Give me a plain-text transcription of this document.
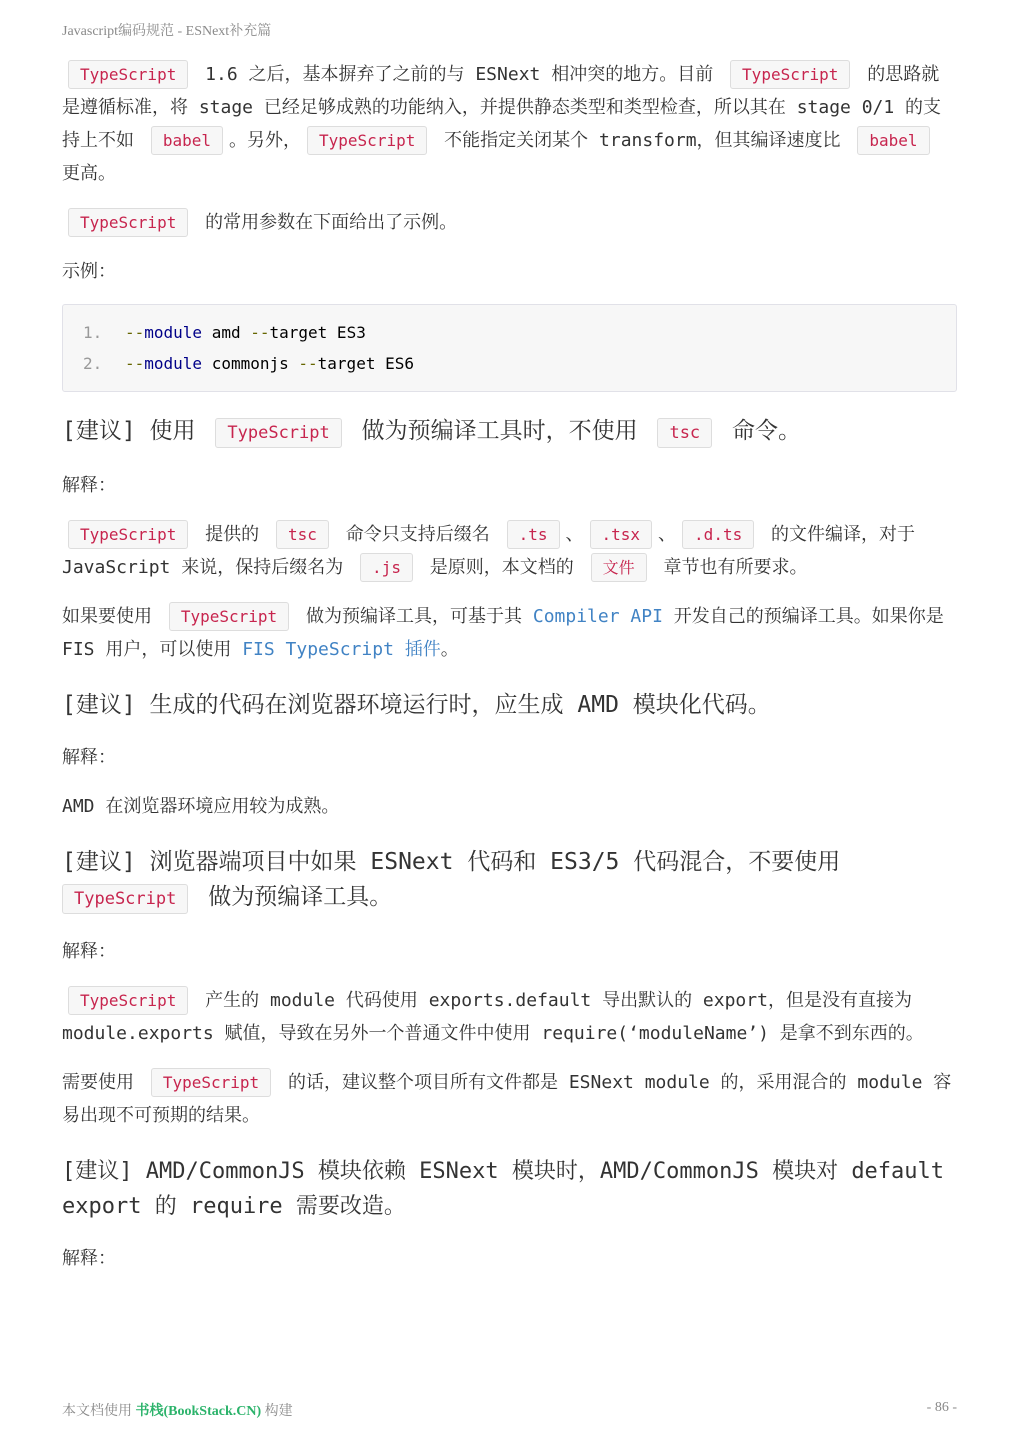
Javascript编码规范 - ESNext补充篇

TypeScript 1.6 之后，基本摒弃了之前的与 ESNext 相冲突的地方。目前 TypeScript 的思路就是遵循标准，将 stage 已经足够成熟的功能纳入，并提供静态类型和类型检查，所以其在 stage 0/1 的支持上不如 babel 。另外， TypeScript 不能指定关闭某个 transform，但其编译速度比 babel 更高。

TypeScript 的常用参数在下面给出了示例。

示例：

1.	--module amd --target ES3
2.	--module commonjs --target ES6
[建议] 使用 TypeScript 做为预编译工具时，不使用 tsc 命令。

解释：

TypeScript 提供的 tsc 命令只支持后缀名 .ts 、 .tsx 、 .d.ts 的文件编译，对于 JavaScript 来说，保持后缀名为 .js 是原则，本文档的 文件 章节也有所要求。

如果要使用 TypeScript 做为预编译工具，可基于其 Compiler API 开发自己的预编译工具。如果你是 FIS 用户，可以使用 FIS TypeScript 插件。

[建议] 生成的代码在浏览器环境运行时，应生成 AMD 模块化代码。

解释：

AMD 在浏览器环境应用较为成熟。

[建议] 浏览器端项目中如果 ESNext 代码和 ES3/5 代码混合，不要使用 TypeScript 做为预编译工具。

解释：

TypeScript 产生的 module 代码使用 exports.default 导出默认的 export，但是没有直接为 module.exports 赋值，导致在另外一个普通文件中使用 require(‘moduleName’) 是拿不到东西的。

需要使用 TypeScript 的话，建议整个项目所有文件都是 ESNext module 的，采用混合的 module 容易出现不可预期的结果。

[建议] AMD/CommonJS 模块依赖 ESNext 模块时，AMD/CommonJS 模块对 default export 的 require 需要改造。

解释：

本文档使用 书栈(BookStack.CN) 构建	- 86 -
